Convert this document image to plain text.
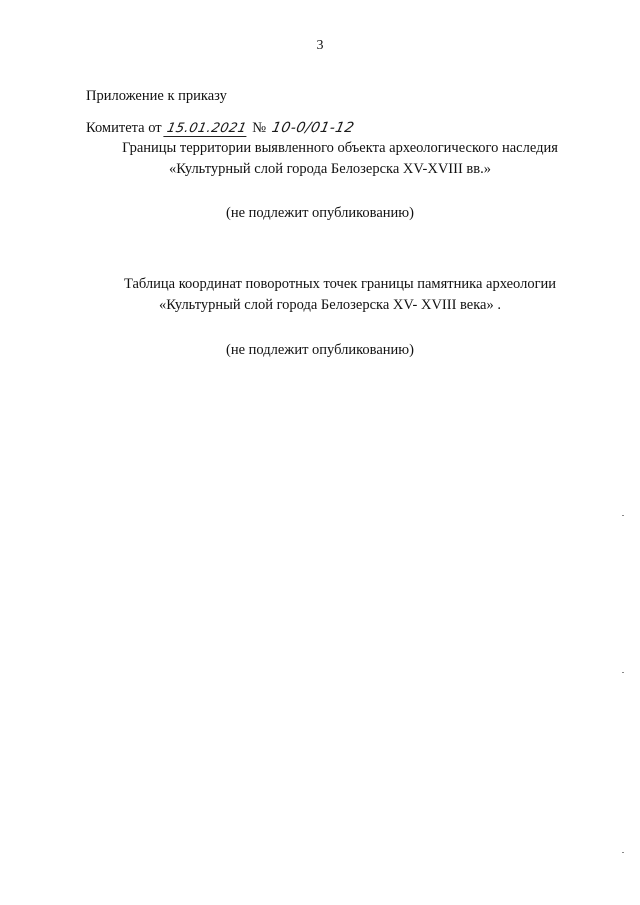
3
Приложение к приказу
Комитета от 15.01.2021 № 10-0/01-12
Границы территории выявленного объекта археологического наследия
«Культурный слой города Белозерска XV-XVIII вв.»
(не подлежит опубликованию)
Таблица координат поворотных точек границы памятника археологии
«Культурный слой города Белозерска XV- XVIII века» .
(не подлежит опубликованию)
